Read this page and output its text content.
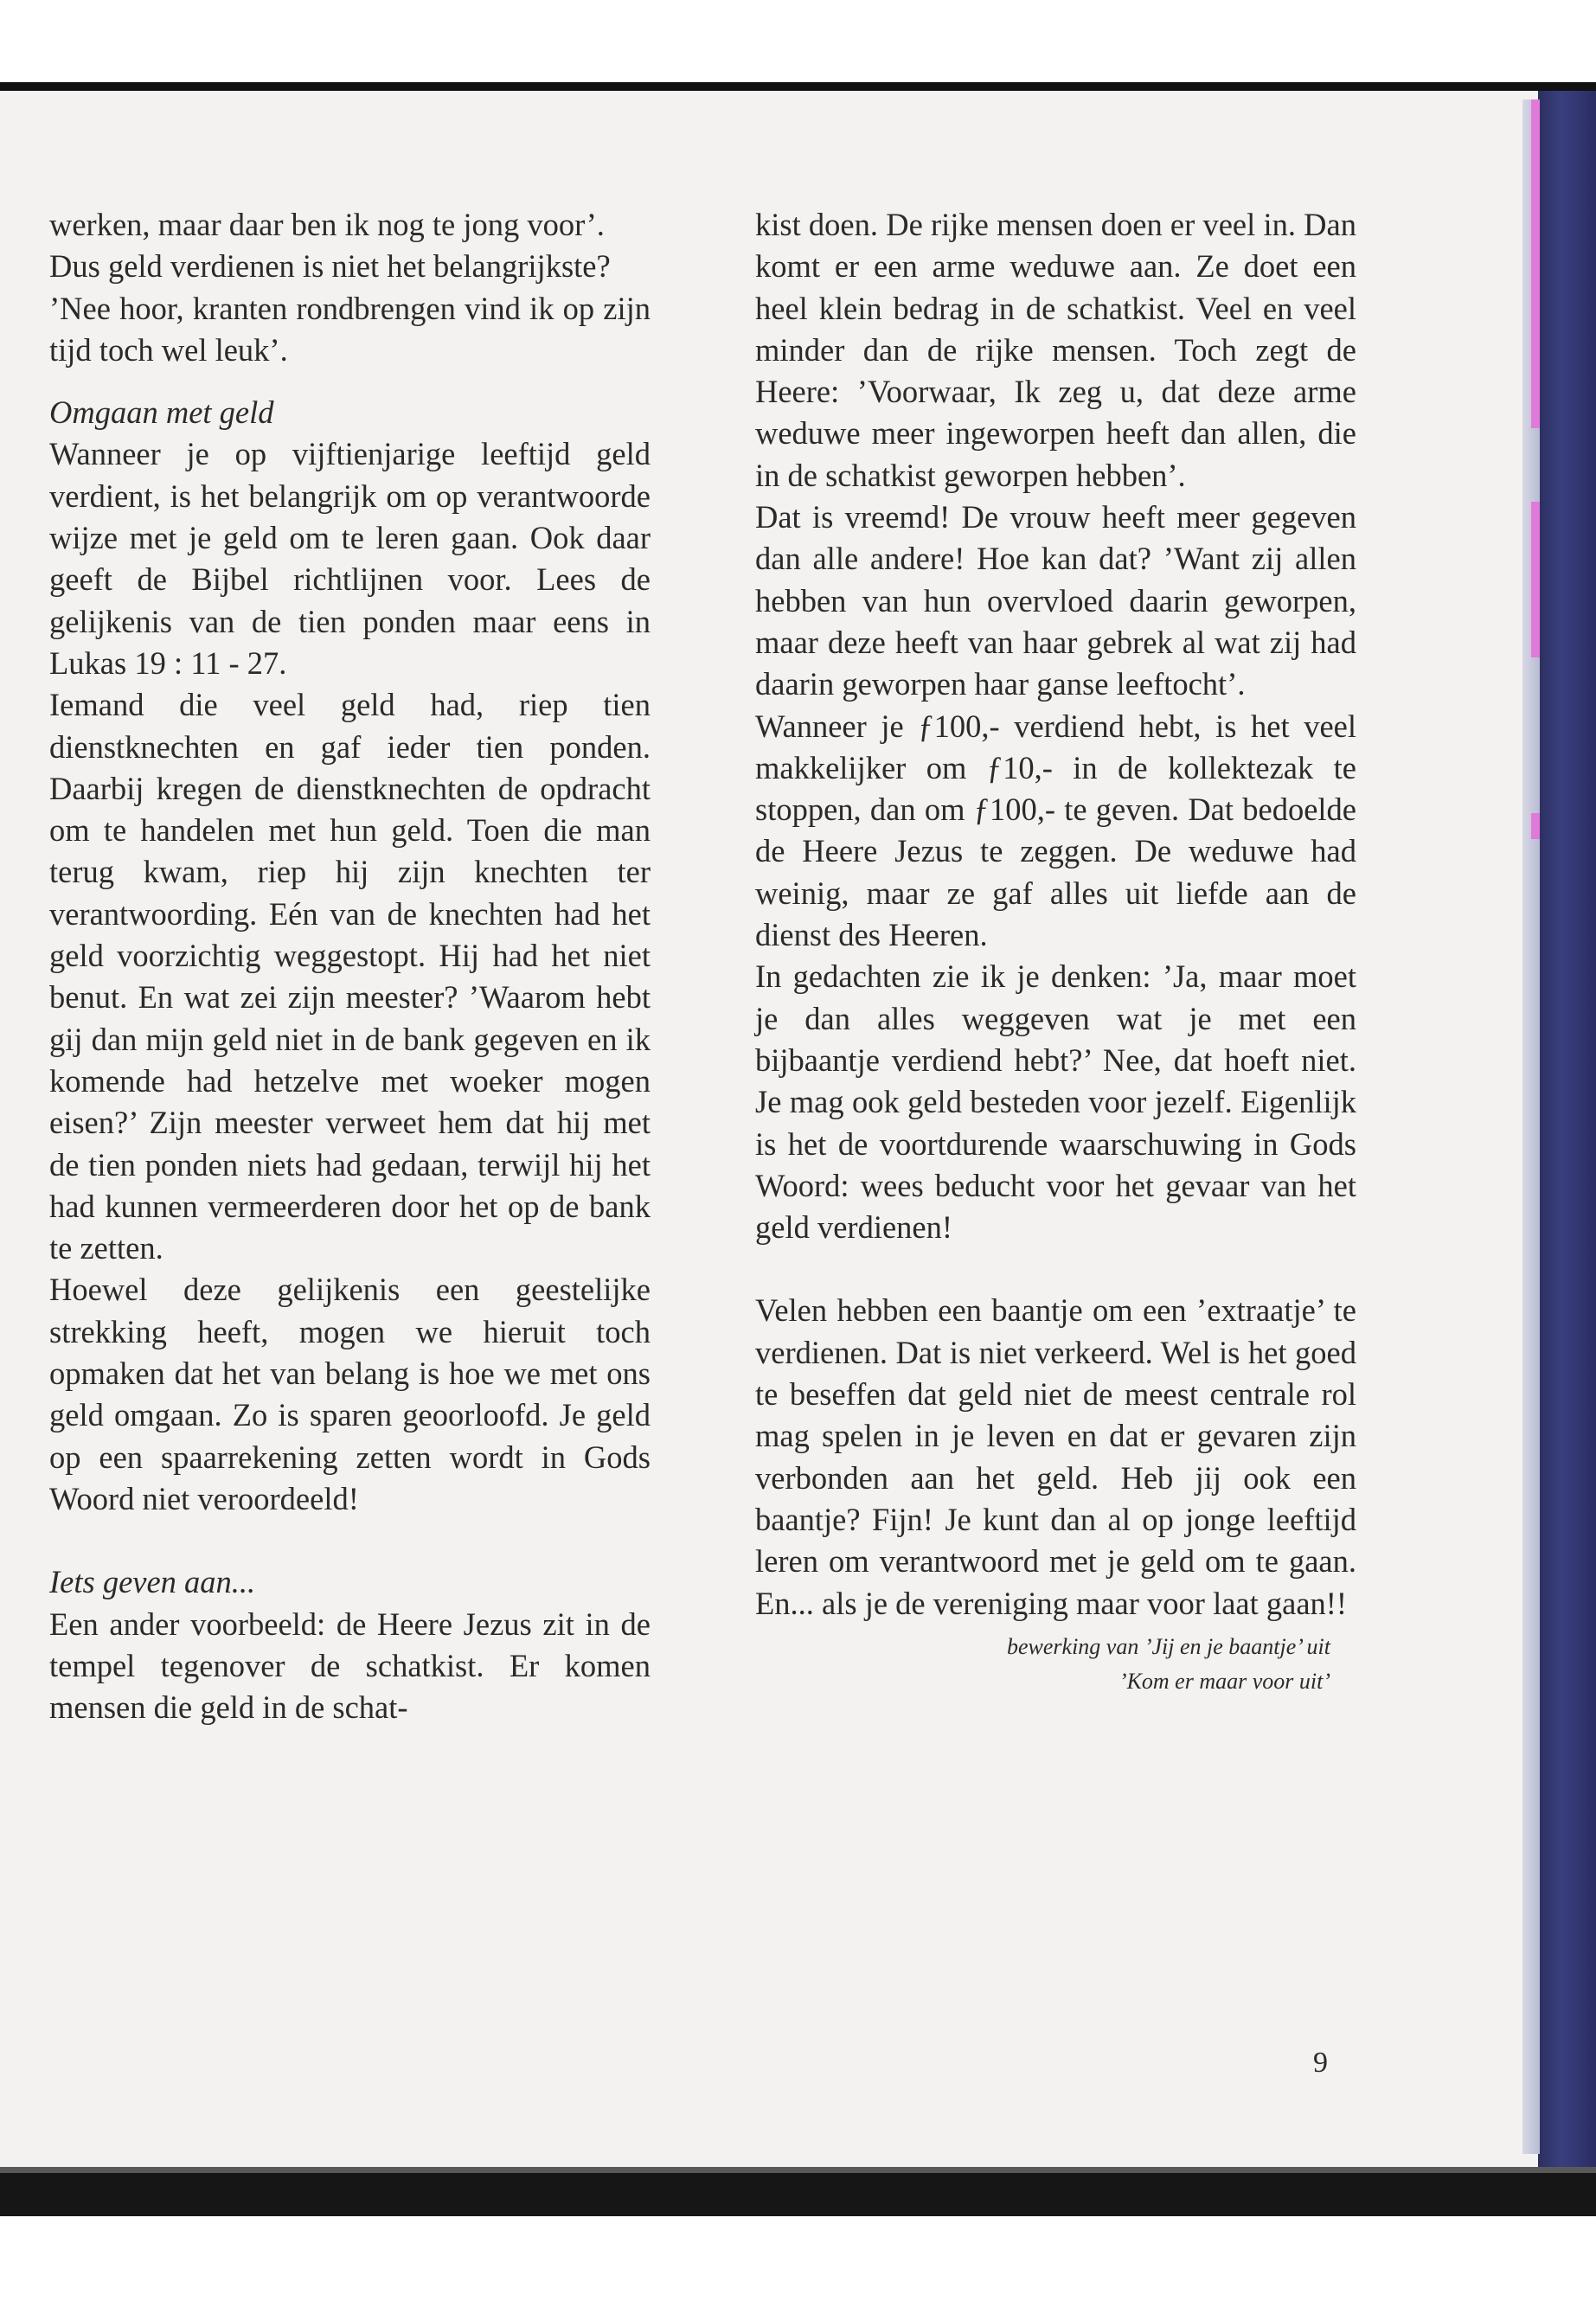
werken, maar daar ben ik nog te jong voor’.

Dus geld verdienen is niet het belangrijkste?

’Nee hoor, kranten rondbrengen vind ik op zijn tijd toch wel leuk’.

Omgaan met geld

Wanneer je op vijftienjarige leeftijd geld verdient, is het belangrijk om op verantwoorde wijze met je geld om te leren gaan. Ook daar geeft de Bijbel richtlijnen voor. Lees de gelijkenis van de tien ponden maar eens in Lukas 19 : 11 - 27.

Iemand die veel geld had, riep tien dienstknechten en gaf ieder tien ponden. Daarbij kregen de dienstknechten de opdracht om te handelen met hun geld. Toen die man terug kwam, riep hij zijn knechten ter verantwoording. Eén van de knechten had het geld voorzichtig weggestopt. Hij had het niet benut. En wat zei zijn meester? ’Waarom hebt gij dan mijn geld niet in de bank gegeven en ik komende had hetzelve met woeker mogen eisen?’ Zijn meester verweet hem dat hij met de tien ponden niets had gedaan, terwijl hij het had kunnen vermeerderen door het op de bank te zetten.

Hoewel deze gelijkenis een geestelijke strekking heeft, mogen we hieruit toch opmaken dat het van belang is hoe we met ons geld omgaan. Zo is sparen geoorloofd. Je geld op een spaarrekening zetten wordt in Gods Woord niet veroordeeld!

Iets geven aan...

Een ander voorbeeld: de Heere Jezus zit in de tempel tegenover de schatkist. Er komen mensen die geld in de schat-

kist doen. De rijke mensen doen er veel in. Dan komt er een arme weduwe aan. Ze doet een heel klein bedrag in de schatkist. Veel en veel minder dan de rijke mensen. Toch zegt de Heere: ’Voorwaar, Ik zeg u, dat deze arme weduwe meer ingeworpen heeft dan allen, die in de schatkist geworpen hebben’.

Dat is vreemd! De vrouw heeft meer gegeven dan alle andere! Hoe kan dat? ’Want zij allen hebben van hun overvloed daarin geworpen, maar deze heeft van haar gebrek al wat zij had daarin geworpen haar ganse leeftocht’.

Wanneer je ƒ100,- verdiend hebt, is het veel makkelijker om ƒ10,- in de kollektezak te stoppen, dan om ƒ100,- te geven. Dat bedoelde de Heere Jezus te zeggen. De weduwe had weinig, maar ze gaf alles uit liefde aan de dienst des Heeren.

In gedachten zie ik je denken: ’Ja, maar moet je dan alles weggeven wat je met een bijbaantje verdiend hebt?’ Nee, dat hoeft niet. Je mag ook geld besteden voor jezelf. Eigenlijk is het de voortdurende waarschuwing in Gods Woord: wees beducht voor het gevaar van het geld verdienen!

Velen hebben een baantje om een ’extraatje’ te verdienen. Dat is niet verkeerd. Wel is het goed te beseffen dat geld niet de meest centrale rol mag spelen in je leven en dat er gevaren zijn verbonden aan het geld. Heb jij ook een baantje? Fijn! Je kunt dan al op jonge leeftijd leren om verantwoord met je geld om te gaan. En... als je de vereniging maar voor laat gaan!!

bewerking van ’Jij en je baantje’ uit
’Kom er maar voor uit’
9
